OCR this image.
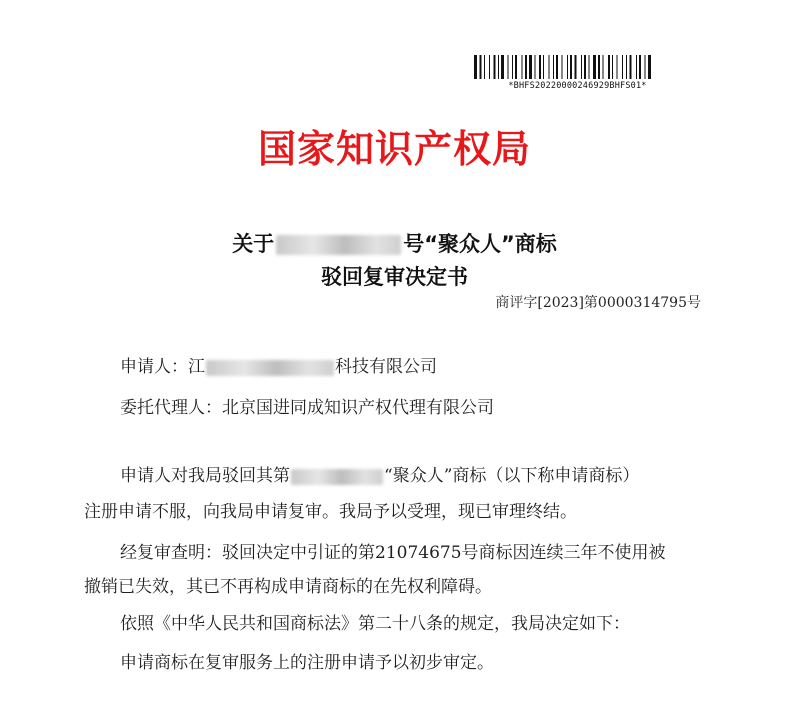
*BHFS20220000246929BHFS01*
国家知识产权局
关于	号“聚众人”商标
驳回复审决定书
商评字[2023]第0000314795号
申请人：江	科技有限公司
委托代理人：北京国进同成知识产权代理有限公司
申请人对我局驳回其第	“聚众人”商标（以下称申请商标）
注册申请不服，向我局申请复审。我局予以受理，现已审理终结。
经复审查明：驳回决定中引证的第21074675号商标因连续三年不使用被
撤销已失效，其已不再构成申请商标的在先权利障碍。
依照《中华人民共和国商标法》第二十八条的规定，我局决定如下：
申请商标在复审服务上的注册申请予以初步审定。
